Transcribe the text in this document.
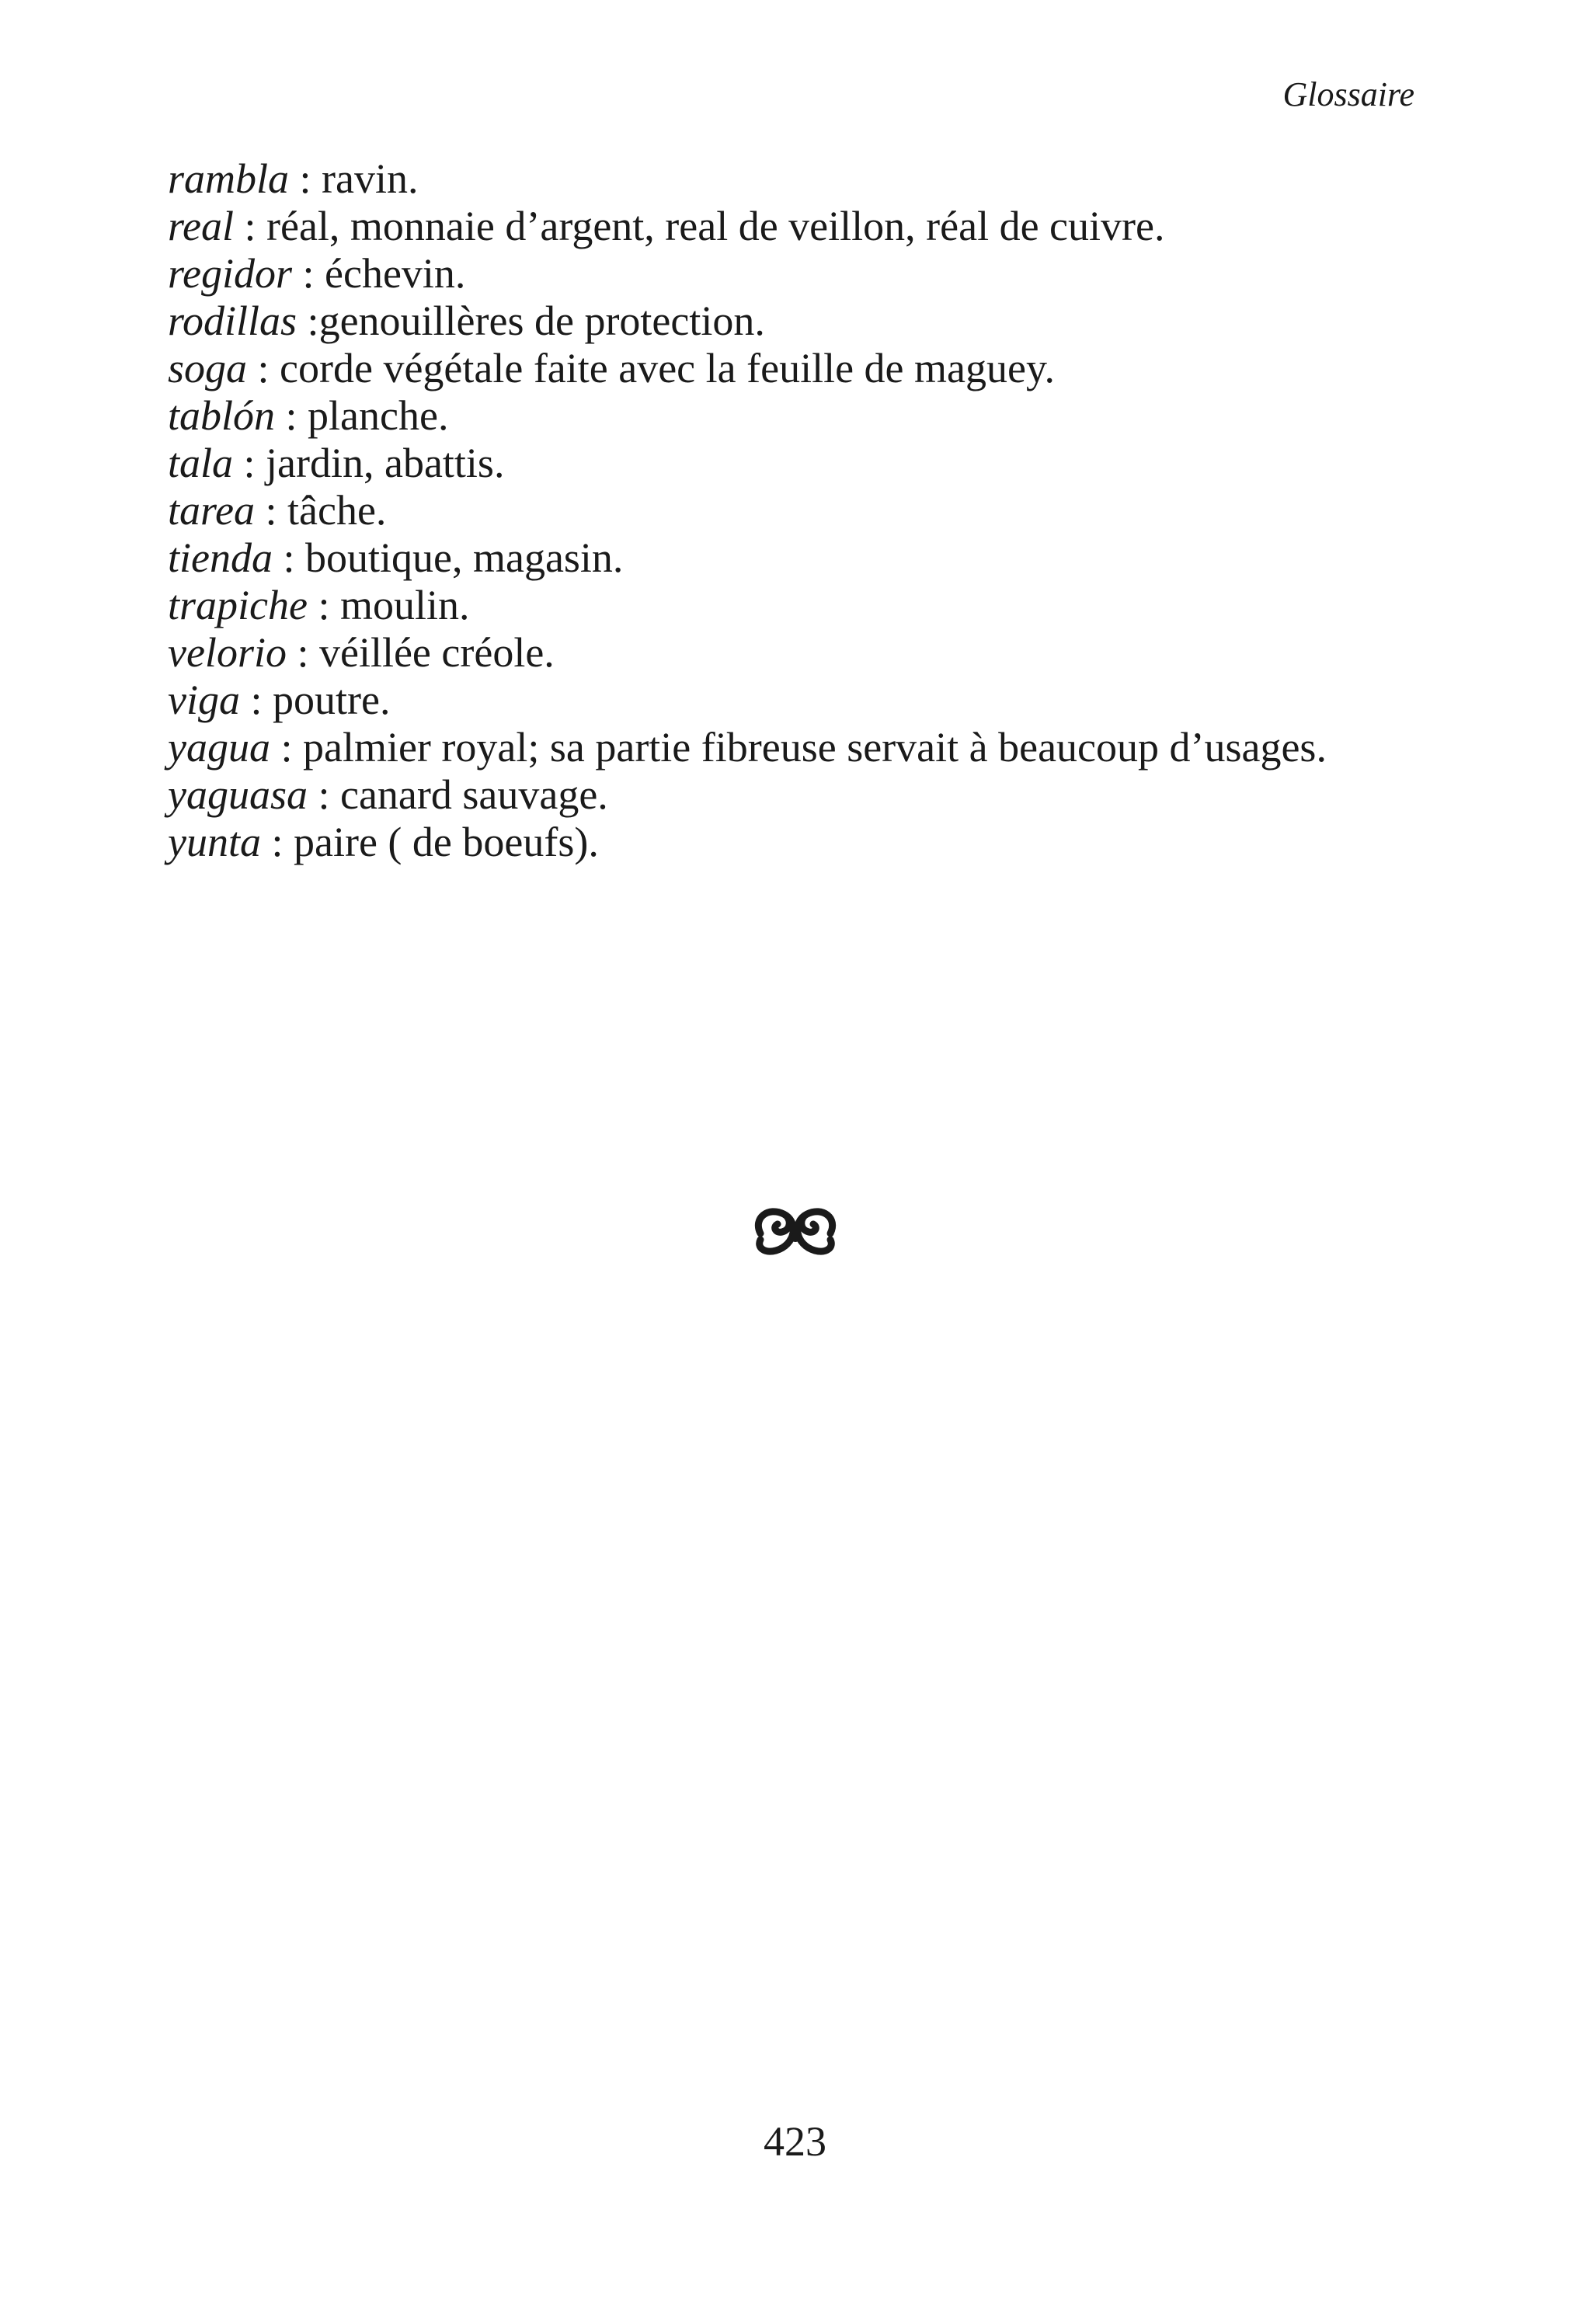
Glossaire
rambla : ravin.
real : réal, monnaie d’argent, real de veillon, réal de cuivre.
regidor : échevin.
rodillas :genouillères de protection.
soga : corde végétale faite avec la feuille de maguey.
tablón : planche.
tala : jardin, abattis.
tarea : tâche.
tienda : boutique, magasin.
trapiche : moulin.
velorio : véillée créole.
viga : poutre.
yagua : palmier royal; sa partie fibreuse servait à beaucoup d’usages.
yaguasa : canard sauvage.
yunta : paire ( de boeufs).
423
